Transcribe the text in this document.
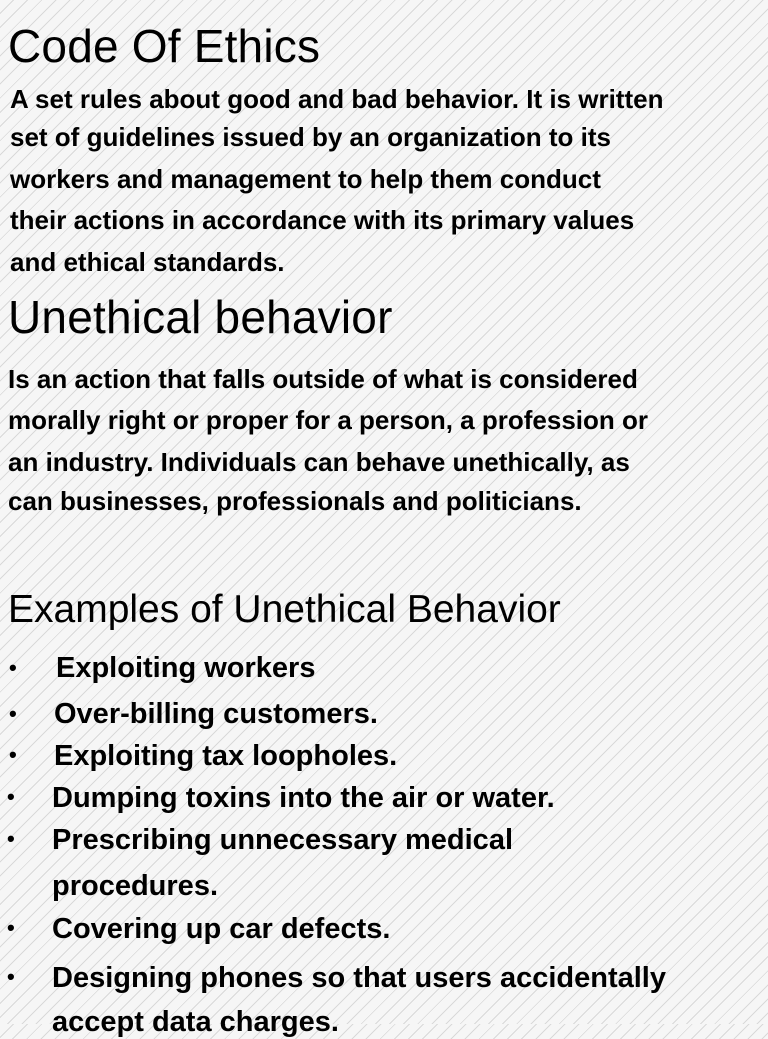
Code Of Ethics
A set rules about good and bad behavior. It is written
set of guidelines issued by an organization to its
workers and management to help them conduct
their actions in accordance with its primary values
and ethical standards.
Unethical behavior
Is an action that falls outside of what is considered
morally right or proper for a person, a profession or
an industry. Individuals can behave unethically, as
can businesses, professionals and politicians.
Examples of Unethical Behavior
• Exploiting workers
• Over-billing customers.
• Exploiting tax loopholes.
• Dumping toxins into the air or water.
• Prescribing unnecessary medical
procedures.
• Covering up car defects.
• Designing phones so that users accidentally
accept data charges.
